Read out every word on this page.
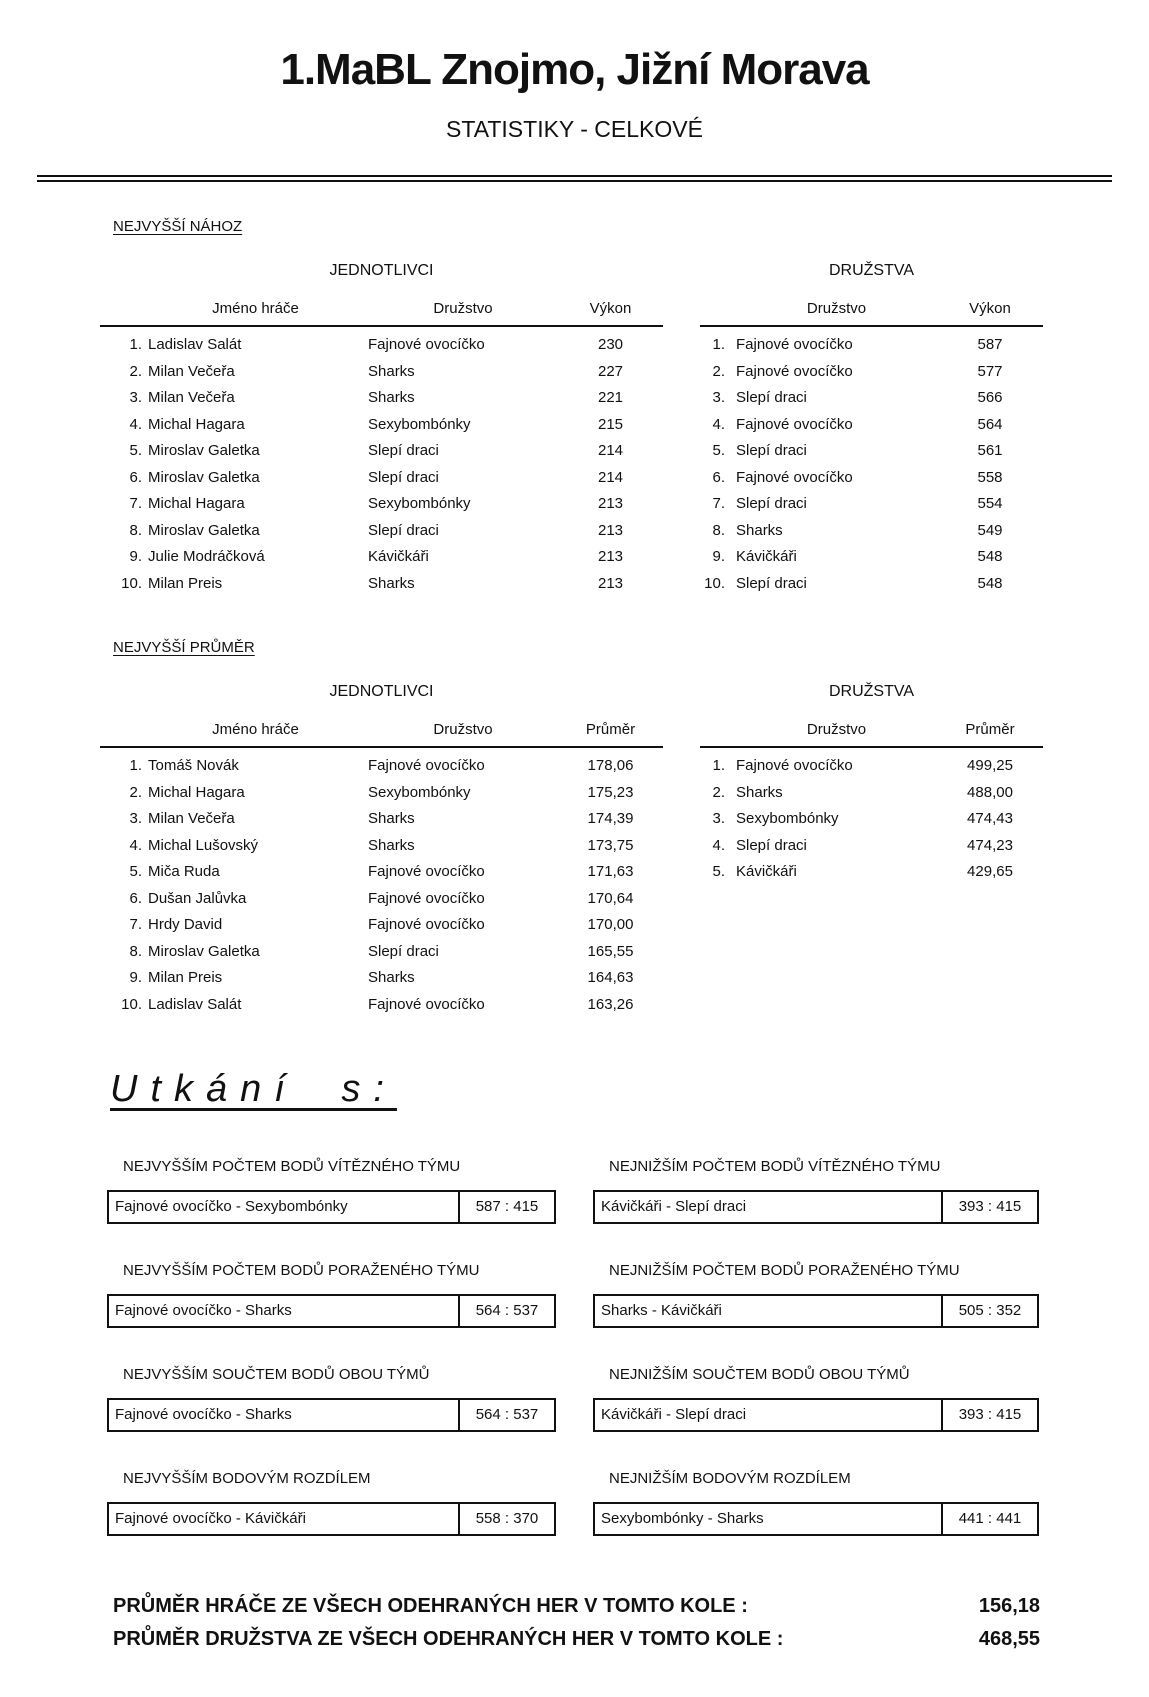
1.MaBL Znojmo, Jižní Morava
STATISTIKY - CELKOVÉ
NEJVYŠŠÍ NÁHOZ
JEDNOTLIVCI
Jméno hráče	Družstvo	Výkon
1. Ladislav Salát	Fajnové ovocíčko	230
2. Milan Večeřa	Sharks	227
3. Milan Večeřa	Sharks	221
4. Michal Hagara	Sexybombónky	215
5. Miroslav Galetka	Slepí draci	214
6. Miroslav Galetka	Slepí draci	214
7. Michal Hagara	Sexybombónky	213
8. Miroslav Galetka	Slepí draci	213
9. Julie Modráčková	Kávičkáři	213
10. Milan Preis	Sharks	213
DRUŽSTVA
Družstvo	Výkon
1. Fajnové ovocíčko	587
2. Fajnové ovocíčko	577
3. Slepí draci	566
4. Fajnové ovocíčko	564
5. Slepí draci	561
6. Fajnové ovocíčko	558
7. Slepí draci	554
8. Sharks	549
9. Kávičkáři	548
10. Slepí draci	548
NEJVYŠŠÍ PRŮMĚR
JEDNOTLIVCI
Jméno hráče	Družstvo	Průměr
1. Tomáš Novák	Fajnové ovocíčko	178,06
2. Michal Hagara	Sexybombónky	175,23
3. Milan Večeřa	Sharks	174,39
4. Michal Lušovský	Sharks	173,75
5. Miča Ruda	Fajnové ovocíčko	171,63
6. Dušan Jalůvka	Fajnové ovocíčko	170,64
7. Hrdy David	Fajnové ovocíčko	170,00
8. Miroslav Galetka	Slepí draci	165,55
9. Milan Preis	Sharks	164,63
10. Ladislav Salát	Fajnové ovocíčko	163,26
DRUŽSTVA
Družstvo	Průměr
1. Fajnové ovocíčko	499,25
2. Sharks	488,00
3. Sexybombónky	474,43
4. Slepí draci	474,23
5. Kávičkáři	429,65
Utkání s:
NEJVYŠŠÍM POČTEM BODŮ VÍTĚZNÉHO TÝMU
Fajnové ovocíčko - Sexybombónky	587 : 415
NEJNIŽŠÍM POČTEM BODŮ VÍTĚZNÉHO TÝMU
Kávičkáři - Slepí draci	393 : 415
NEJVYŠŠÍM POČTEM BODŮ PORAŽENÉHO TÝMU
Fajnové ovocíčko - Sharks	564 : 537
NEJNIŽŠÍM POČTEM BODŮ PORAŽENÉHO TÝMU
Sharks - Kávičkáři	505 : 352
NEJVYŠŠÍM SOUČTEM BODŮ OBOU TÝMŮ
Fajnové ovocíčko - Sharks	564 : 537
NEJNIŽŠÍM SOUČTEM BODŮ OBOU TÝMŮ
Kávičkáři - Slepí draci	393 : 415
NEJVYŠŠÍM BODOVÝM ROZDÍLEM
Fajnové ovocíčko - Kávičkáři	558 : 370
NEJNIŽŠÍM BODOVÝM ROZDÍLEM
Sexybombónky - Sharks	441 : 441
PRŮMĚR HRÁČE ZE VŠECH ODEHRANÝCH HER V TOMTO KOLE :	156,18
PRŮMĚR DRUŽSTVA ZE VŠECH ODEHRANÝCH HER V TOMTO KOLE :	468,55
